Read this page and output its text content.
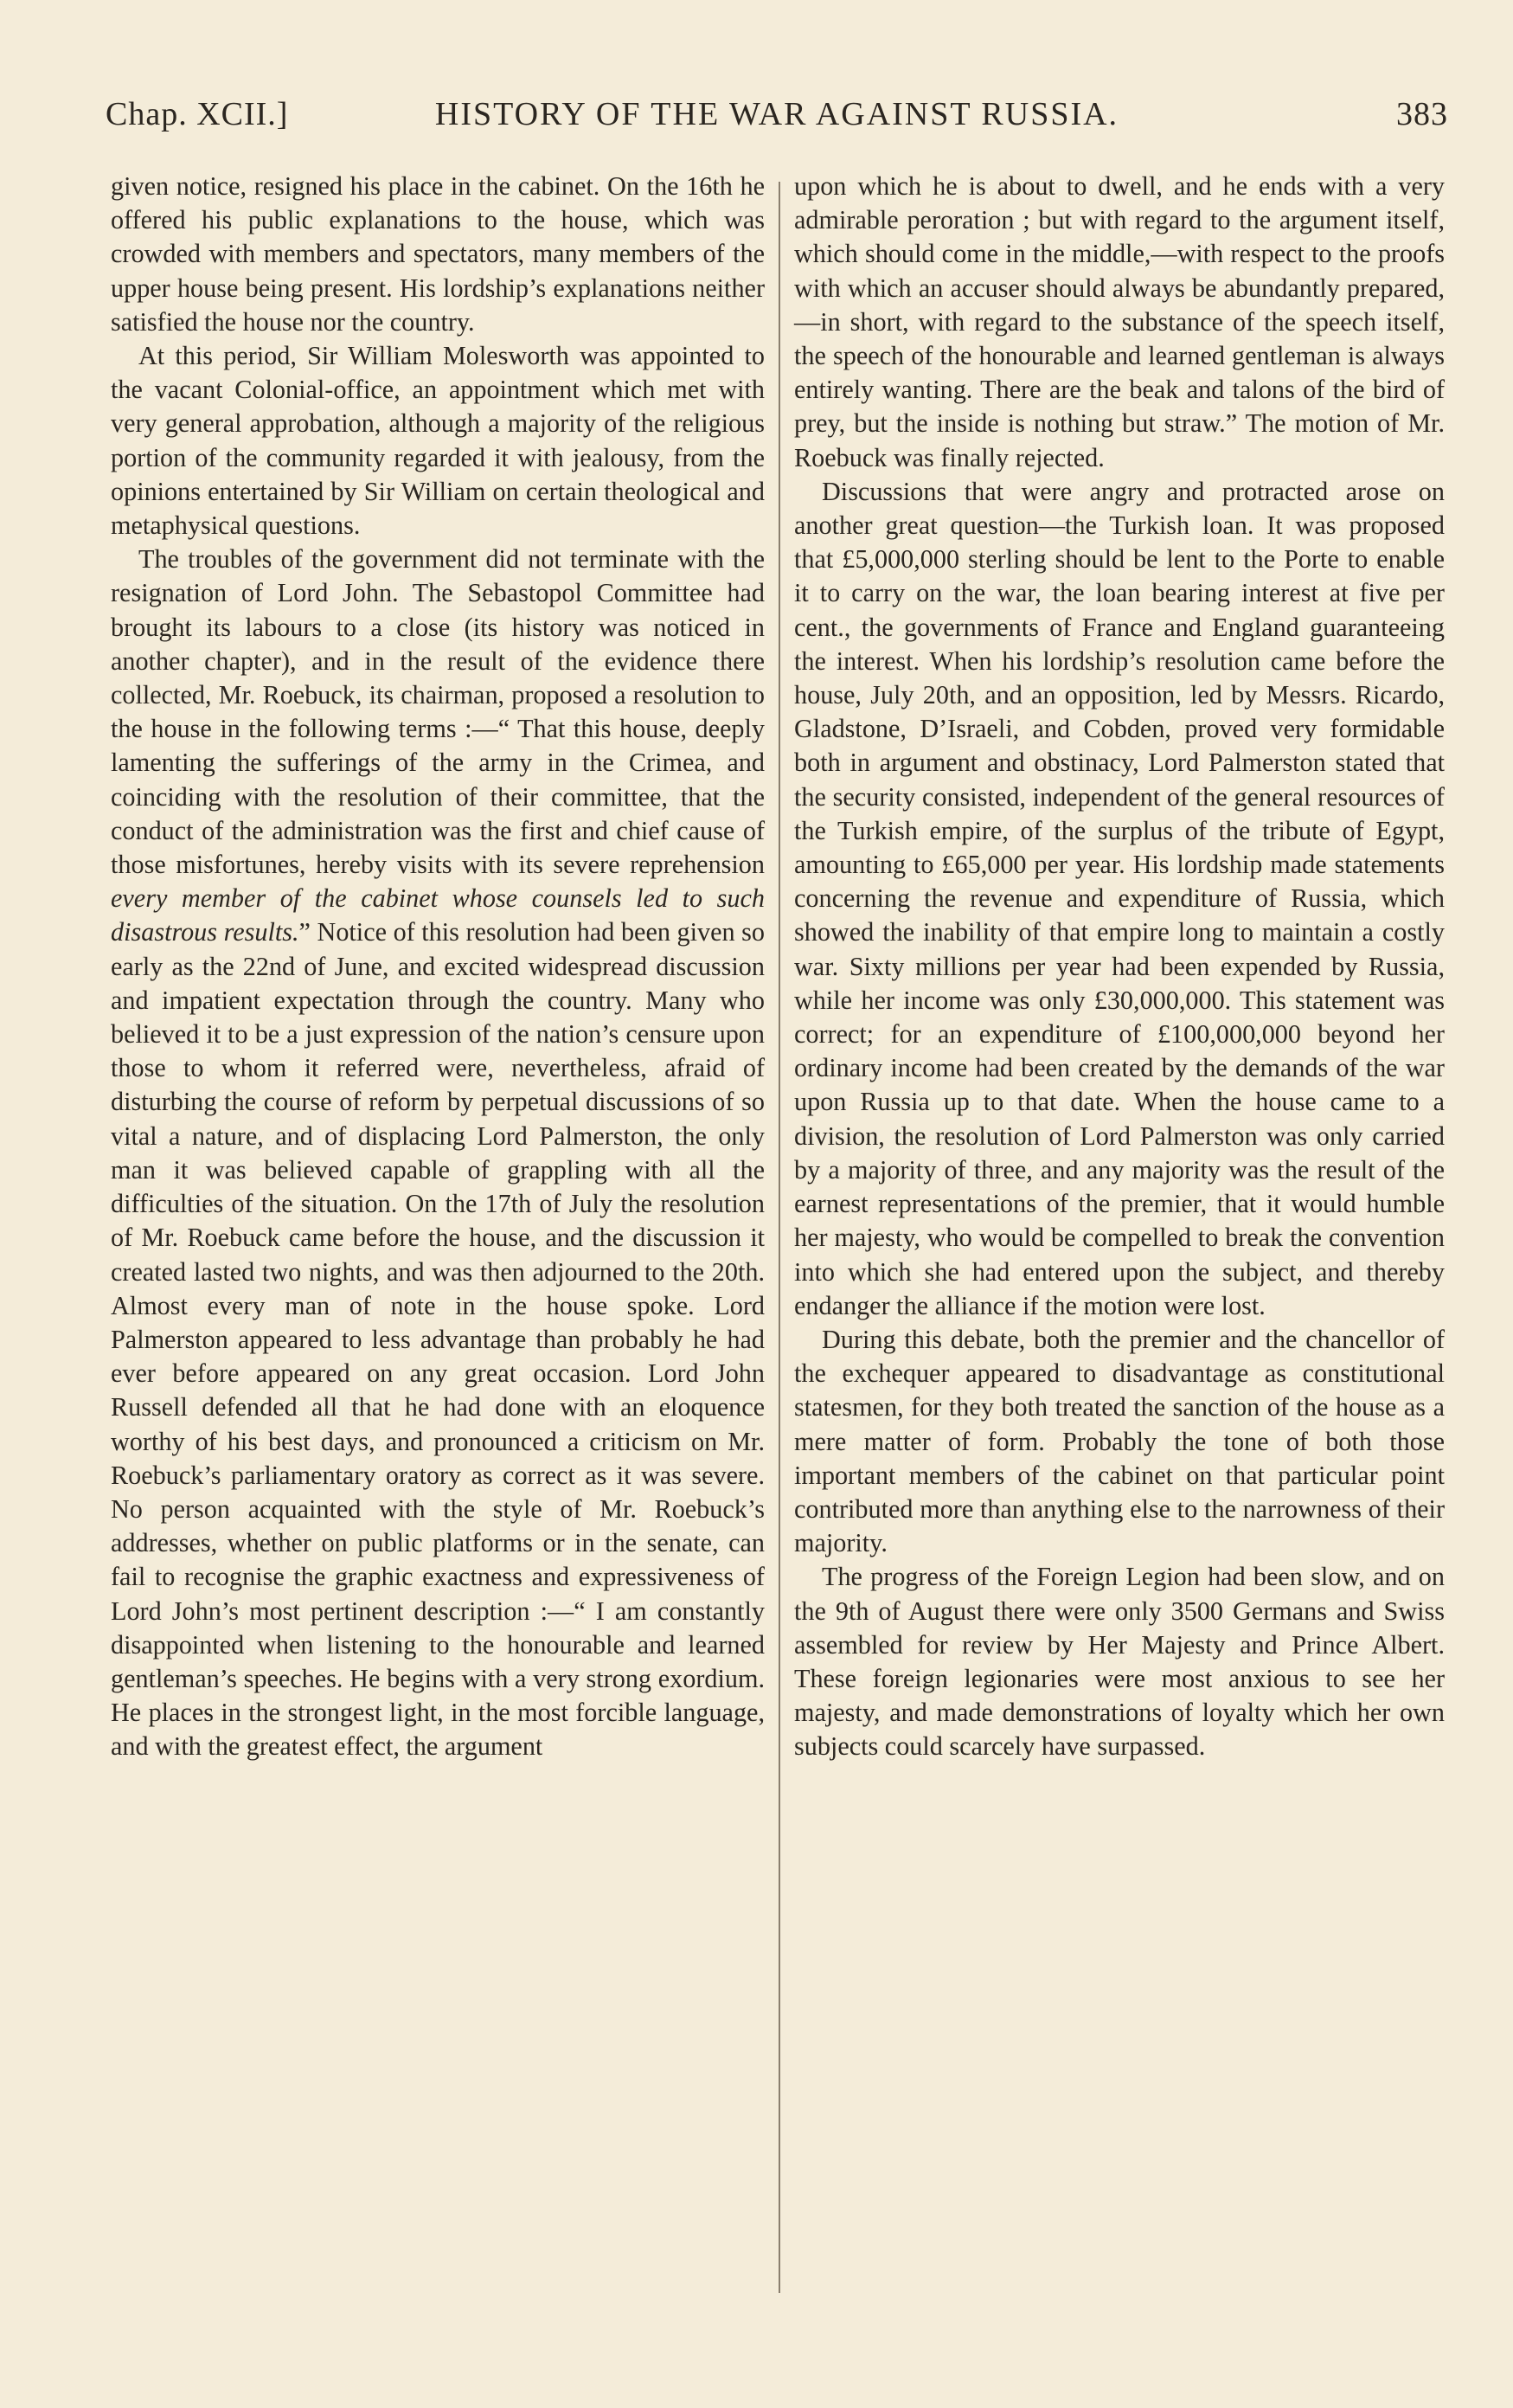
Chap. XCII.]	HISTORY OF THE WAR AGAINST RUSSIA.	383

given notice, resigned his place in the cabinet. On the 16th he offered his public explanations to the house, which was crowded with members and spectators, many members of the upper house being present. His lordship’s explanations neither satisfied the house nor the country.

At this period, Sir William Molesworth was appointed to the vacant Colonial-office, an appointment which met with very general approbation, although a majority of the religious portion of the community regarded it with jealousy, from the opinions entertained by Sir William on certain theological and metaphysical questions.

The troubles of the government did not terminate with the resignation of Lord John. The Sebastopol Committee had brought its labours to a close (its history was noticed in another chapter), and in the result of the evidence there collected, Mr. Roebuck, its chairman, proposed a resolution to the house in the following terms :—“ That this house, deeply lamenting the sufferings of the army in the Crimea, and coinciding with the resolution of their committee, that the conduct of the administration was the first and chief cause of those misfortunes, hereby visits with its severe reprehension every member of the cabinet whose counsels led to such disastrous results.” Notice of this resolution had been given so early as the 22nd of June, and excited widespread discussion and impatient expectation through the country. Many who believed it to be a just expression of the nation’s censure upon those to whom it referred were, nevertheless, afraid of disturbing the course of reform by perpetual discussions of so vital a nature, and of displacing Lord Palmerston, the only man it was believed capable of grappling with all the difficulties of the situation. On the 17th of July the resolution of Mr. Roebuck came before the house, and the discussion it created lasted two nights, and was then adjourned to the 20th. Almost every man of note in the house spoke. Lord Palmerston appeared to less advantage than probably he had ever before appeared on any great occasion. Lord John Russell defended all that he had done with an eloquence worthy of his best days, and pronounced a criticism on Mr. Roebuck’s parliamentary oratory as correct as it was severe. No person acquainted with the style of Mr. Roebuck’s addresses, whether on public platforms or in the senate, can fail to recognise the graphic exactness and expressiveness of Lord John’s most pertinent description :—“ I am constantly disappointed when listening to the honourable and learned gentleman’s speeches. He begins with a very strong exordium. He places in the strongest light, in the most forcible language, and with the greatest effect, the argument

upon which he is about to dwell, and he ends with a very admirable peroration ; but with regard to the argument itself, which should come in the middle,—with respect to the proofs with which an accuser should always be abundantly prepared,—in short, with regard to the substance of the speech itself, the speech of the honourable and learned gentleman is always entirely wanting. There are the beak and talons of the bird of prey, but the inside is nothing but straw.” The motion of Mr. Roebuck was finally rejected.

Discussions that were angry and protracted arose on another great question—the Turkish loan. It was proposed that £5,000,000 sterling should be lent to the Porte to enable it to carry on the war, the loan bearing interest at five per cent., the governments of France and England guaranteeing the interest. When his lordship’s resolution came before the house, July 20th, and an opposition, led by Messrs. Ricardo, Gladstone, D’Israeli, and Cobden, proved very formidable both in argument and obstinacy, Lord Palmerston stated that the security consisted, independent of the general resources of the Turkish empire, of the surplus of the tribute of Egypt, amounting to £65,000 per year. His lordship made statements concerning the revenue and expenditure of Russia, which showed the inability of that empire long to maintain a costly war. Sixty millions per year had been expended by Russia, while her income was only £30,000,000. This statement was correct; for an expenditure of £100,000,000 beyond her ordinary income had been created by the demands of the war upon Russia up to that date. When the house came to a division, the resolution of Lord Palmerston was only carried by a majority of three, and any majority was the result of the earnest representations of the premier, that it would humble her majesty, who would be compelled to break the convention into which she had entered upon the subject, and thereby endanger the alliance if the motion were lost.

During this debate, both the premier and the chancellor of the exchequer appeared to disadvantage as constitutional statesmen, for they both treated the sanction of the house as a mere matter of form. Probably the tone of both those important members of the cabinet on that particular point contributed more than anything else to the narrowness of their majority.

The progress of the Foreign Legion had been slow, and on the 9th of August there were only 3500 Germans and Swiss assembled for review by Her Majesty and Prince Albert. These foreign legionaries were most anxious to see her majesty, and made demonstrations of loyalty which her own subjects could scarcely have surpassed.
